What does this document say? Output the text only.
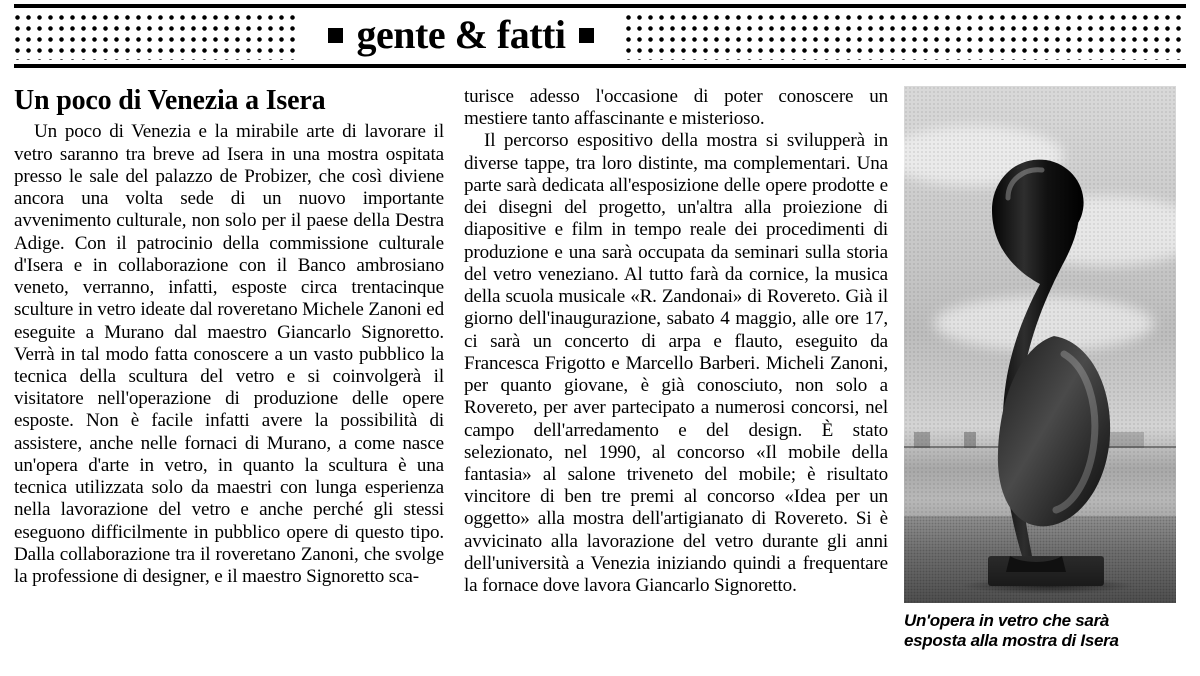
gente & fatti
Un poco di Venezia a Isera

Un poco di Venezia e la mirabile arte di lavorare il vetro saranno tra breve ad Isera in una mostra ospitata presso le sale del palazzo de Probizer, che così diviene ancora una volta sede di un nuovo importante avvenimento culturale, non solo per il paese della Destra Adige. Con il patrocinio della commissione culturale d'Isera e in collaborazione con il Banco ambrosiano veneto, verranno, infatti, esposte circa trentacinque sculture in vetro ideate dal roveretano Michele Zanoni ed eseguite a Murano dal maestro Giancarlo Signoretto. Verrà in tal modo fatta conoscere a un vasto pubblico la tecnica della scultura del vetro e si coinvolgerà il visitatore nell'operazione di produzione delle opere esposte. Non è facile infatti avere la possibilità di assistere, anche nelle fornaci di Murano, a come nasce un'opera d'arte in vetro, in quanto la scultura è una tecnica utilizzata solo da maestri con lunga esperienza nella lavorazione del vetro e anche perché gli stessi eseguono difficilmente in pubblico opere di questo tipo. Dalla collaborazione tra il roveretano Zanoni, che svolge la professione di designer, e il maestro Signoretto sca-

turisce adesso l'occasione di poter conoscere un mestiere tanto affascinante e misterioso.

Il percorso espositivo della mostra si svilupperà in diverse tappe, tra loro distinte, ma complementari. Una parte sarà dedicata all'esposizione delle opere prodotte e dei disegni del progetto, un'altra alla proiezione di diapositive e film in tempo reale dei procedimenti di produzione e una sarà occupata da seminari sulla storia del vetro veneziano. Al tutto farà da cornice, la musica della scuola musicale «R. Zandonai» di Rovereto. Già il giorno dell'inaugurazione, sabato 4 maggio, alle ore 17, ci sarà un concerto di arpa e flauto, eseguito da Francesca Frigotto e Marcello Barberi. Micheli Zanoni, per quanto giovane, è già conosciuto, non solo a Rovereto, per aver partecipato a numerosi concorsi, nel campo dell'arredamento e del design. È stato selezionato, nel 1990, al concorso «Il mobile della fantasia» al salone triveneto del mobile; è risultato vincitore di ben tre premi al concorso «Idea per un oggetto» alla mostra dell'artigianato di Rovereto. Si è avvicinato alla lavorazione del vetro durante gli anni dell'università a Venezia iniziando quindi a frequentare la fornace dove lavora Giancarlo Signoretto.

Un'opera in vetro che sarà
esposta alla mostra di Isera
